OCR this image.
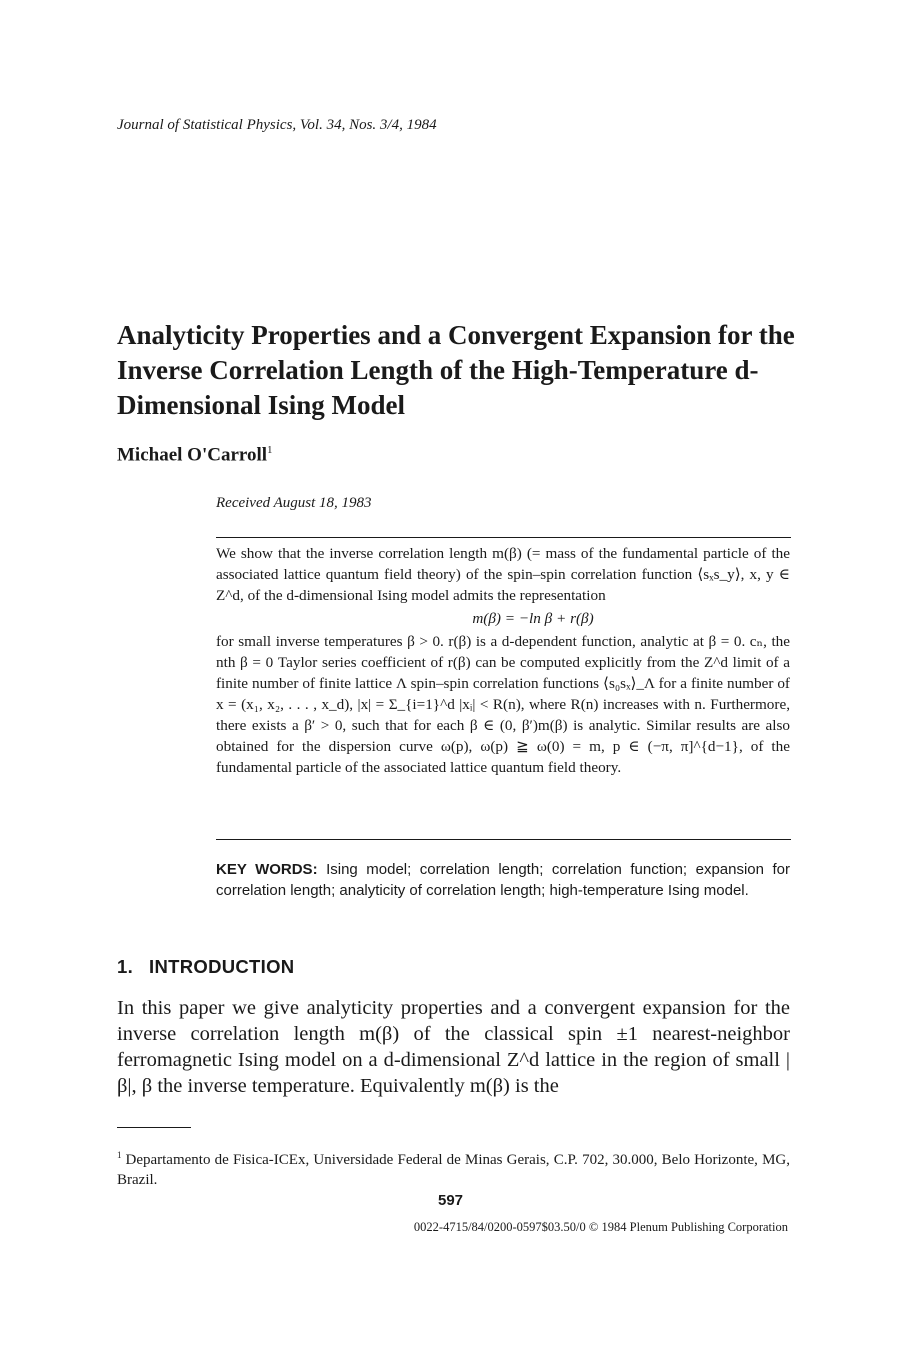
Journal of Statistical Physics, Vol. 34, Nos. 3/4, 1984
Analyticity Properties and a Convergent Expansion for the Inverse Correlation Length of the High-Temperature d-Dimensional Ising Model
Michael O'Carroll$^1$
Received August 18, 1983

We show that the inverse correlation length m(β) (= mass of the fundamental particle of the associated lattice quantum field theory) of the spin–spin correlation function ⟨sₓs_y⟩, x, y ∈ Z^d, of the d-dimensional Ising model admits the representation

m(β) = −ln β + r(β)

for small inverse temperatures β > 0. r(β) is a d-dependent function, analytic at β = 0. cₙ, the nth β = 0 Taylor series coefficient of r(β) can be computed explicitly from the Z^d limit of a finite number of finite lattice Λ spin–spin correlation functions ⟨s₀sₓ⟩_Λ for a finite number of x = (x₁, x₂, . . . , x_d), |x| = Σ_{i=1}^d |xᵢ| < R(n), where R(n) increases with n. Furthermore, there exists a β′ > 0, such that for each β ∈ (0, β′)m(β) is analytic. Similar results are also obtained for the dispersion curve ω(p), ω(p) ≧ ω(0) = m, p ∈ (−π, π]^{d−1}, of the fundamental particle of the associated lattice quantum field theory.

KEY WORDS: Ising model; correlation length; correlation function; expansion for correlation length; analyticity of correlation length; high-temperature Ising model.
1. INTRODUCTION
In this paper we give analyticity properties and a convergent expansion for the inverse correlation length m(β) of the classical spin ±1 nearest-neighbor ferromagnetic Ising model on a d-dimensional Z^d lattice in the region of small |β|, β the inverse temperature. Equivalently m(β) is the
$^1$ Departamento de Fisica-ICEx, Universidade Federal de Minas Gerais, C.P. 702, 30.000, Belo Horizonte, MG, Brazil.
597
0022-4715/84/0200-0597$03.50/0 © 1984 Plenum Publishing Corporation
